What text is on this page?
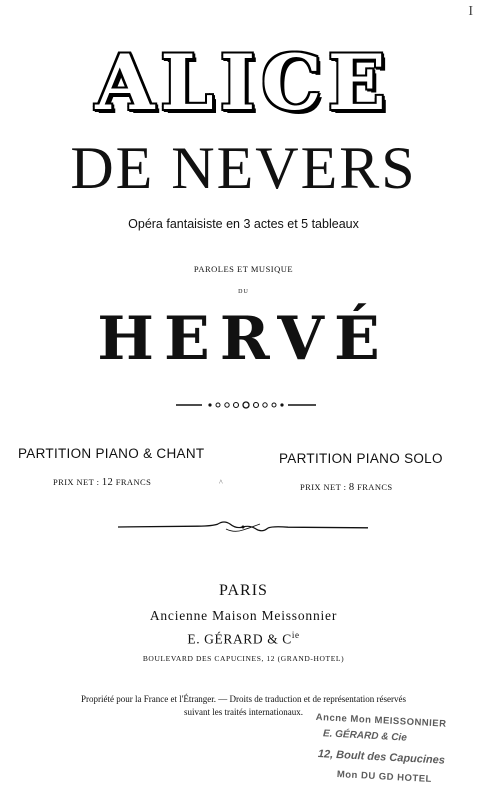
I
ALICE
DE NEVERS
Opéra fantaisiste en 3 actes et 5 tableaux
PAROLES ET MUSIQUE
DU
HERVÉ
PARTITION PIANO & CHANT
PRIX NET : 12 FRANCS	^
PARTITION PIANO SOLO
PRIX NET : 8 FRANCS
PARIS
Ancienne Maison Meissonnier
E. GÉRARD & $C^{ie}$
BOULEVARD DES CAPUCINES, 12 (GRAND-HOTEL)
Propriété pour la France et l'Étranger. — Droits de traduction et de représentation réservés
suivant les traités internationaux.	Ancne Mon MEISSONNIER
E. GÉRARD & Cie
12, Boult des Capucines
Mon DU GD HOTEL
